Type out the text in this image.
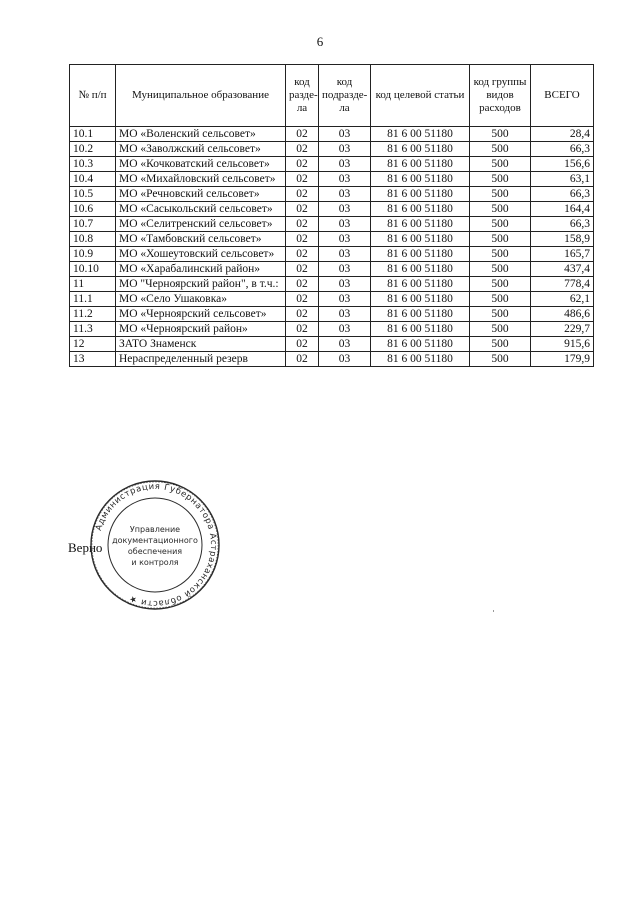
6
№ п/п	Муниципальное образование	код разде-ла	код подразде-ла	код целевой статьи	код группы видов расходов	ВСЕГО
10.1	МО «Воленский сельсовет»	02	03	81 6 00 51180	500	28,4
10.2	МО «Заволжский сельсовет»	02	03	81 6 00 51180	500	66,3
10.3	МО «Кочковатский сельсовет»	02	03	81 6 00 51180	500	156,6
10.4	МО «Михайловский сельсовет»	02	03	81 6 00 51180	500	63,1
10.5	МО «Речновский сельсовет»	02	03	81 6 00 51180	500	66,3
10.6	МО «Сасыкольский сельсовет»	02	03	81 6 00 51180	500	164,4
10.7	МО «Селитренский сельсовет»	02	03	81 6 00 51180	500	66,3
10.8	МО «Тамбовский сельсовет»	02	03	81 6 00 51180	500	158,9
10.9	МО «Хошеутовский сельсовет»	02	03	81 6 00 51180	500	165,7
10.10	МО «Харабалинский район»	02	03	81 6 00 51180	500	437,4
11	МО "Черноярский район", в т.ч.:	02	03	81 6 00 51180	500	778,4
11.1	МО «Село Ушаковка»	02	03	81 6 00 51180	500	62,1
11.2	МО «Черноярский сельсовет»	02	03	81 6 00 51180	500	486,6
11.3	МО «Черноярский район»	02	03	81 6 00 51180	500	229,7
12	ЗАТО Знаменск	02	03	81 6 00 51180	500	915,6
13	Нераспределенный резерв	02	03	81 6 00 51180	500	179,9
Верно
Администрация Губернатора Астраханской области ★
Управление
документационного
обеспечения
и контроля
